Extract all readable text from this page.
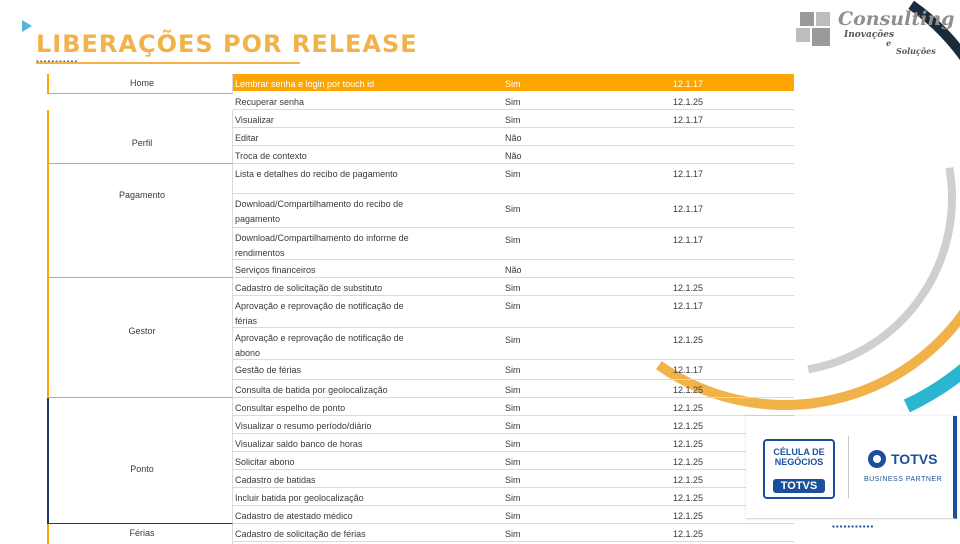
LIBERAÇÕES POR RELEASE
Consulting
Inovações
e
Soluções
Home
Perfil
Pagamento
Gestor
Ponto
Férias
Lembrar senha e login por touch id	Sim	12.1.17
Recuperar senha	Sim	12.1.25
Visualizar	Sim	12.1.17
Editar	Não
Troca de contexto	Não
Lista e detalhes do recibo de pagamento	Sim	12.1.17
Download/Compartilhamento do recibo de pagamento
Sim	12.1.17
Download/Compartilhamento do informe de rendimentos
Sim	12.1.17
Serviços financeiros	Não
Cadastro de solicitação de substituto	Sim	12.1.25
Aprovação e reprovação de notificação de férias
Sim	12.1.17
Aprovação e reprovação de notificação de abono
Sim	12.1.25
Gestão de férias	Sim	12.1.17
Consulta de batida por geolocalização	Sim	12.1.25
Consultar espelho de ponto	Sim	12.1.25
Visualizar o resumo período/diário	Sim	12.1.25
Visualizar saldo banco de horas	Sim	12.1.25
Solicitar abono	Sim	12.1.25
Cadastro de batidas	Sim	12.1.25
Incluir batida por geolocalização	Sim	12.1.25
Cadastro de atestado médico	Sim	12.1.25
Cadastro de solicitação de férias	Sim	12.1.25
CÉLULA DE
NEGÓCIOS
TOTVS
TOTVS
BUSINESS PARTNER
▪▪▪▪▪▪▪▪▪▪▪
